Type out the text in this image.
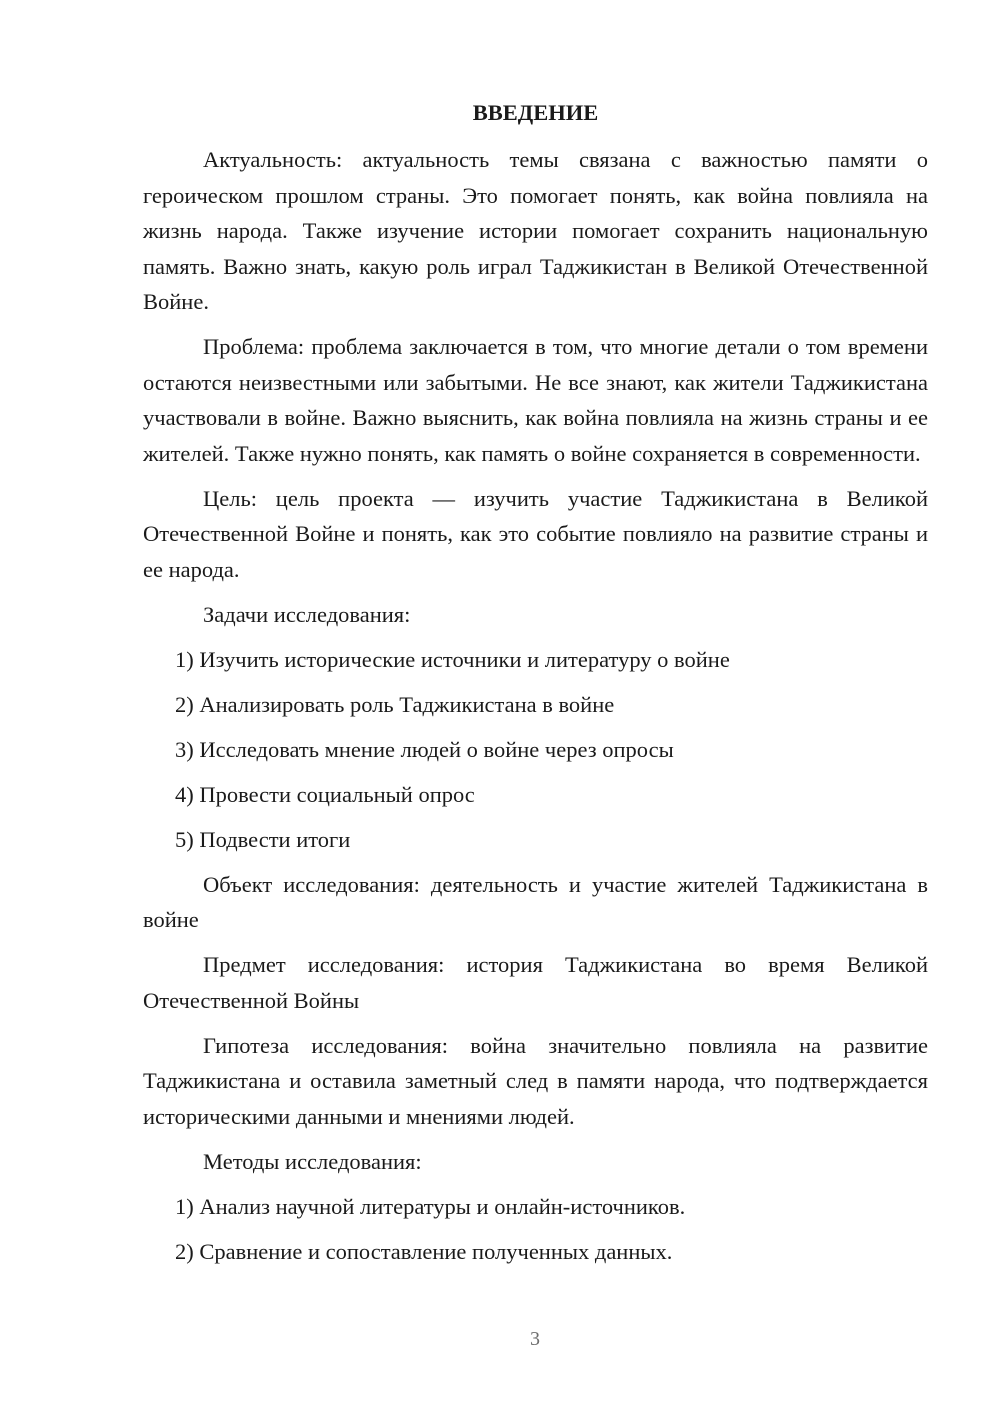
ВВЕДЕНИЕ

Актуальность: актуальность темы связана с важностью памяти о героическом прошлом страны. Это помогает понять, как война повлияла на жизнь народа. Также изучение истории помогает сохранить национальную память. Важно знать, какую роль играл Таджикистан в Великой Отечественной Войне.

Проблема: проблема заключается в том, что многие детали о том времени остаются неизвестными или забытыми. Не все знают, как жители Таджикистана участвовали в войне. Важно выяснить, как война повлияла на жизнь страны и ее жителей. Также нужно понять, как память о войне сохраняется в современности.

Цель: цель проекта — изучить участие Таджикистана в Великой Отечественной Войне и понять, как это событие повлияло на развитие страны и ее народа.

Задачи исследования:

1) Изучить исторические источники и литературу о войне
2) Анализировать роль Таджикистана в войне
3) Исследовать мнение людей о войне через опросы
4) Провести социальный опрос
5) Подвести итоги

Объект исследования: деятельность и участие жителей Таджикистана в войне

Предмет исследования: история Таджикистана во время Великой Отечественной Войны

Гипотеза исследования: война значительно повлияла на развитие Таджикистана и оставила заметный след в памяти народа, что подтверждается историческими данными и мнениями людей.

Методы исследования:

1) Анализ научной литературы и онлайн-источников.
2) Сравнение и сопоставление полученных данных.
3
